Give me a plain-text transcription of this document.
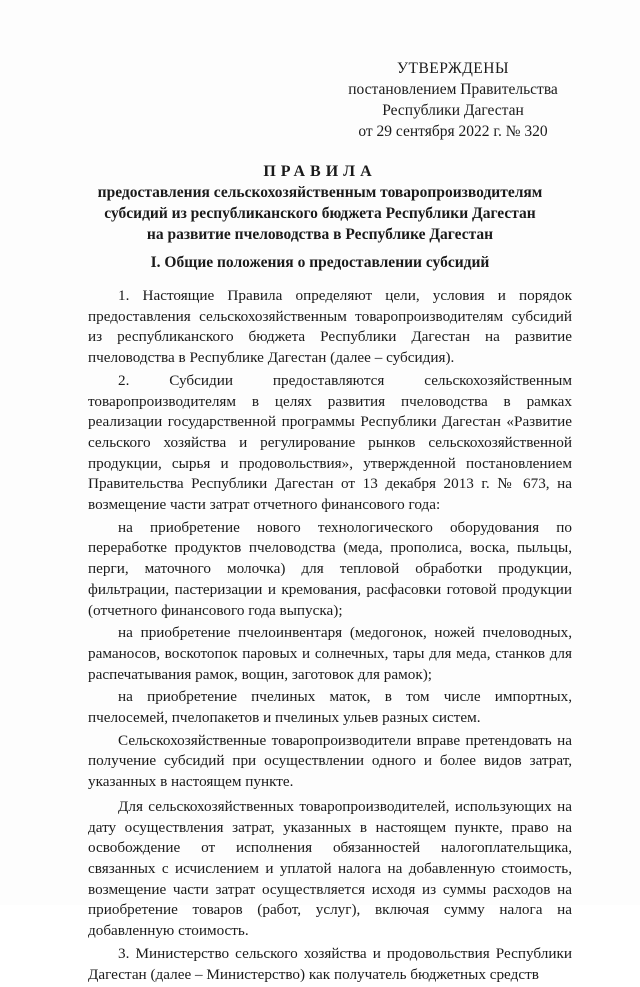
УТВЕРЖДЕНЫ
постановлением Правительства
Республики Дагестан
от 29 сентября 2022 г. № 320
ПРАВИЛА
предоставления сельскохозяйственным товаропроизводителям
субсидий из республиканского бюджета Республики Дагестан
на развитие пчеловодства в Республике Дагестан
I. Общие положения о предоставлении субсидий

1. Настоящие Правила определяют цели, условия и порядок предоставления сельскохозяйственным товаропроизводителям субсидий из республиканского бюджета Республики Дагестан на развитие пчеловодства в Республике Дагестан (далее – субсидия).

2. Субсидии предоставляются сельскохозяйственным товаропроизводителям в целях развития пчеловодства в рамках реализации государственной программы Республики Дагестан «Развитие сельского хозяйства и регулирование рынков сельскохозяйственной продукции, сырья и продовольствия», утвержденной постановлением Правительства Республики Дагестан от 13 декабря 2013 г. № 673, на возмещение части затрат отчетного финансового года:

на приобретение нового технологического оборудования по переработке продуктов пчеловодства (меда, прополиса, воска, пыльцы, перги, маточного молочка) для тепловой обработки продукции, фильтрации, пастеризации и кремования, расфасовки готовой продукции (отчетного финансового года выпуска);

на приобретение пчелоинвентаря (медогонок, ножей пчеловодных, раманосов, воскотопок паровых и солнечных, тары для меда, станков для распечатывания рамок, вощин, заготовок для рамок);

на приобретение пчелиных маток, в том числе импортных, пчелосемей, пчелопакетов и пчелиных ульев разных систем.

Сельскохозяйственные товаропроизводители вправе претендовать на получение субсидий при осуществлении одного и более видов затрат, указанных в настоящем пункте.

Для сельскохозяйственных товаропроизводителей, использующих на дату осуществления затрат, указанных в настоящем пункте, право на освобождение от исполнения обязанностей налогоплательщика, связанных с исчислением и уплатой налога на добавленную стоимость, возмещение части затрат осуществляется исходя из суммы расходов на приобретение товаров (работ, услуг), включая сумму налога на добавленную стоимость.

3. Министерство сельского хозяйства и продовольствия Республики Дагестан (далее – Министерство) как получатель бюджетных средств
